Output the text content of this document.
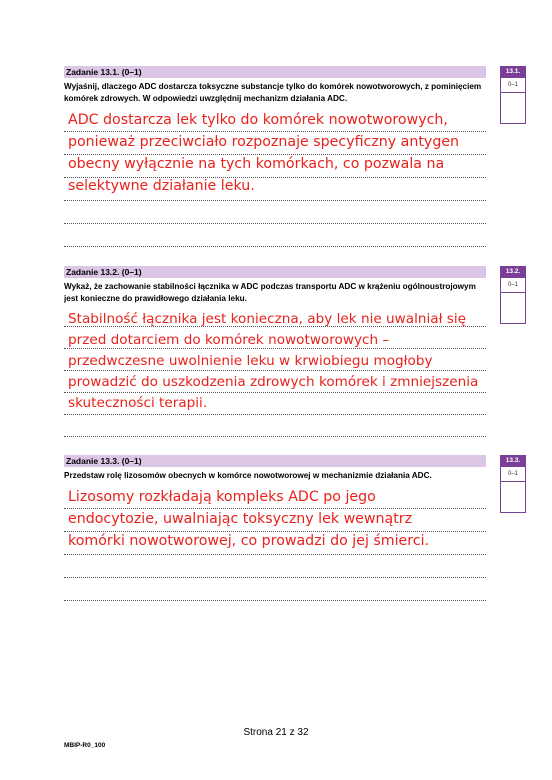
Zadanie 13.1. (0–1)
Wyjaśnij, dlaczego ADC dostarcza toksyczne substancje tylko do komórek nowotworowych, z pominięciem komórek zdrowych. W odpowiedzi uwzględnij mechanizm działania ADC.
ADC dostarcza lek tylko do komórek nowotworowych,
ponieważ przeciwciało rozpoznaje specyficzny antygen
obecny wyłącznie na tych komórkach, co pozwala na
selektywne działanie leku.
13.1.
0–1
Zadanie 13.2. (0–1)
Wykaż, że zachowanie stabilności łącznika w ADC podczas transportu ADC w krążeniu ogólnoustrojowym jest konieczne do prawidłowego działania leku.
Stabilność łącznika jest konieczna, aby lek nie uwalniał się
przed dotarciem do komórek nowotworowych –
przedwczesne uwolnienie leku w krwiobiegu mogłoby
prowadzić do uszkodzenia zdrowych komórek i zmniejszenia
skuteczności terapii.
13.2.
0–1
Zadanie 13.3. (0–1)
Przedstaw rolę lizosomów obecnych w komórce nowotworowej w mechanizmie działania ADC.
Lizosomy rozkładają kompleks ADC po jego
endocytozie, uwalniając toksyczny lek wewnątrz
komórki nowotworowej, co prowadzi do jej śmierci.
13.3.
0–1
Strona 21 z 32
MBIP-R0_100
